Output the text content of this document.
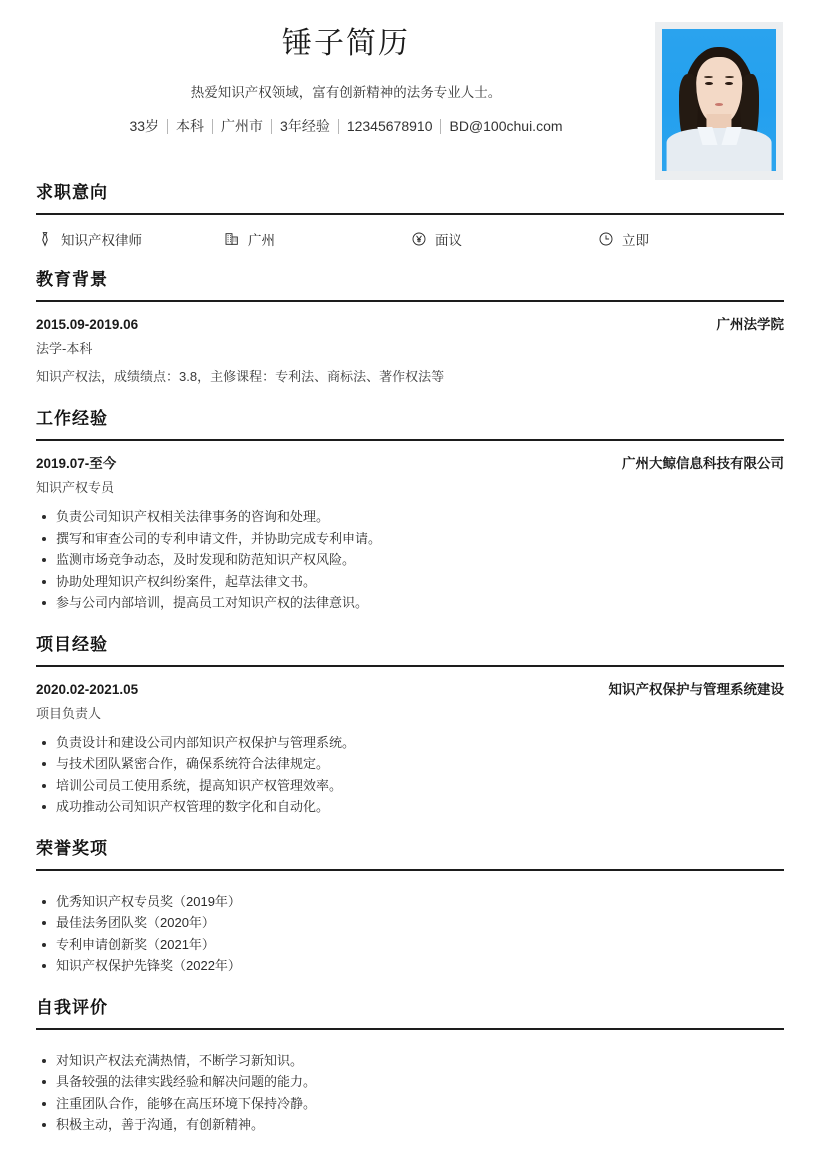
锤子简历
热爱知识产权领域，富有创新精神的法务专业人士。
33岁	本科	广州市	3年经验	12345678910	BD@100chui.com
求职意向
知识产权律师	广州	面议	立即
教育背景
2015.09-2019.06	广州法学院
法学-本科
知识产权法，成绩绩点：3.8，主修课程：专利法、商标法、著作权法等
工作经验
2019.07-至今	广州大鲸信息科技有限公司
知识产权专员
负责公司知识产权相关法律事务的咨询和处理。
撰写和审查公司的专利申请文件，并协助完成专利申请。
监测市场竞争动态，及时发现和防范知识产权风险。
协助处理知识产权纠纷案件，起草法律文书。
参与公司内部培训，提高员工对知识产权的法律意识。
项目经验
2020.02-2021.05	知识产权保护与管理系统建设
项目负责人
负责设计和建设公司内部知识产权保护与管理系统。
与技术团队紧密合作，确保系统符合法律规定。
培训公司员工使用系统，提高知识产权管理效率。
成功推动公司知识产权管理的数字化和自动化。
荣誉奖项
优秀知识产权专员奖（2019年）
最佳法务团队奖（2020年）
专利申请创新奖（2021年）
知识产权保护先锋奖（2022年）
自我评价
对知识产权法充满热情，不断学习新知识。
具备较强的法律实践经验和解决问题的能力。
注重团队合作，能够在高压环境下保持冷静。
积极主动，善于沟通，有创新精神。
